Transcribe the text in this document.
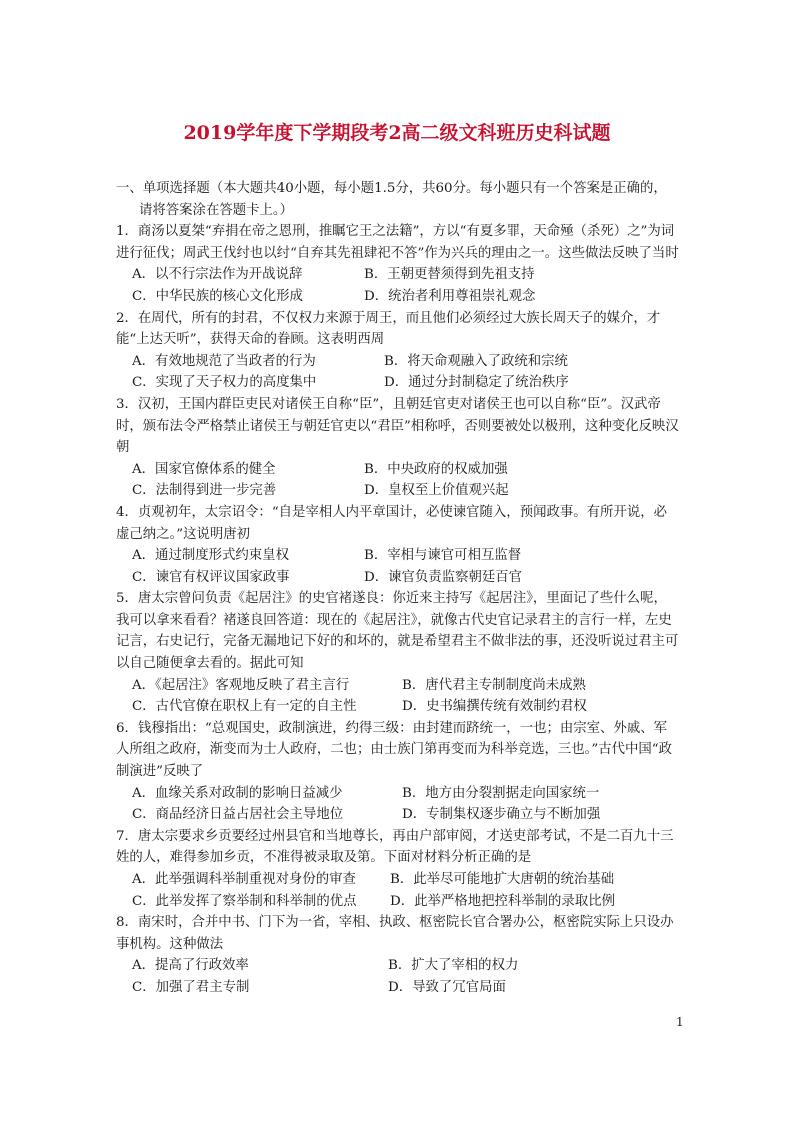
2019学年度下学期段考2高二级文科班历史科试题
一、单项选择题（本大题共40小题，每小题1.5分，共60分。每小题只有一个答案是正确的，请将答案涂在答题卡上。）
1．商汤以夏桀“弃捐在帝之恩刑，推瞩它王之法籍”，方以“有夏多罪，天命殛（杀死）之”为词进行征伐；周武王伐纣也以纣“自弃其先祖肆祀不答”作为兴兵的理由之一。这些做法反映了当时
A．以不行宗法作为开战说辞	B．王朝更替须得到先祖支持
C．中华民族的核心文化形成	D．统治者利用尊祖崇礼观念
2．在周代，所有的封君，不仅权力来源于周王，而且他们必须经过大族长周天子的媒介，才能“上达天听”，获得天命的眷顾。这表明西周
A．有效地规范了当政者的行为	B．将天命观融入了政统和宗统
C．实现了天子权力的高度集中	D．通过分封制稳定了统治秩序
3．汉初，王国内群臣吏民对诸侯王自称“臣”，且朝廷官吏对诸侯王也可以自称“臣”。汉武帝时，颁布法令严格禁止诸侯王与朝廷官吏以“君臣”相称呼，否则要被处以极刑，这种变化反映汉朝
A．国家官僚体系的健全	B．中央政府的权威加强
C．法制得到进一步完善	D．皇权至上价值观兴起
4．贞观初年，太宗诏令：“自是宰相人内平章国计，必使谏官随入，预闻政事。有所开说，必虚己纳之。”这说明唐初
A．通过制度形式约束皇权	B．宰相与谏官可相互监督
C．谏官有权评议国家政事	D．谏官负责监察朝廷百官
5．唐太宗曾问负责《起居注》的史官褚遂良：你近来主持写《起居注》，里面记了些什么呢，我可以拿来看看？褚遂良回答道：现在的《起居注》，就像古代史官记录君主的言行一样，左史记言，右史记行，完备无漏地记下好的和坏的，就是希望君主不做非法的事，还没听说过君主可以自己随便拿去看的。据此可知
A．《起居注》客观地反映了君主言行	B．唐代君主专制制度尚未成熟
C．古代官僚在职权上有一定的自主性	D．史书编撰传统有效制约君权
6．钱穆指出：“总观国史，政制演进，约得三级：由封建而跻统一，一也；由宗室、外戚、军人所组之政府，渐变而为士人政府，二也；由士族门第再变而为科举竞选，三也。”古代中国“政制演进”反映了
A．血缘关系对政制的影响日益减少	B．地方由分裂割据走向国家统一
C．商品经济日益占居社会主导地位	D．专制集权逐步确立与不断加强
7．唐太宗要求乡贡要经过州县官和当地尊长，再由户部审阅，才送吏部考试，不是二百九十三姓的人，难得参加乡贡，不准得被录取及第。下面对材料分析正确的是
A．此举强调科举制重视对身份的审查	B．此举尽可能地扩大唐朝的统治基础
C．此举发挥了察举制和科举制的优点	D．此举严格地把控科举制的录取比例
8．南宋时，合并中书、门下为一省，宰相、执政、枢密院长官合署办公，枢密院实际上只设办事机构。这种做法
A．提高了行政效率	B．扩大了宰相的权力
C．加强了君主专制	D．导致了冗官局面
1
